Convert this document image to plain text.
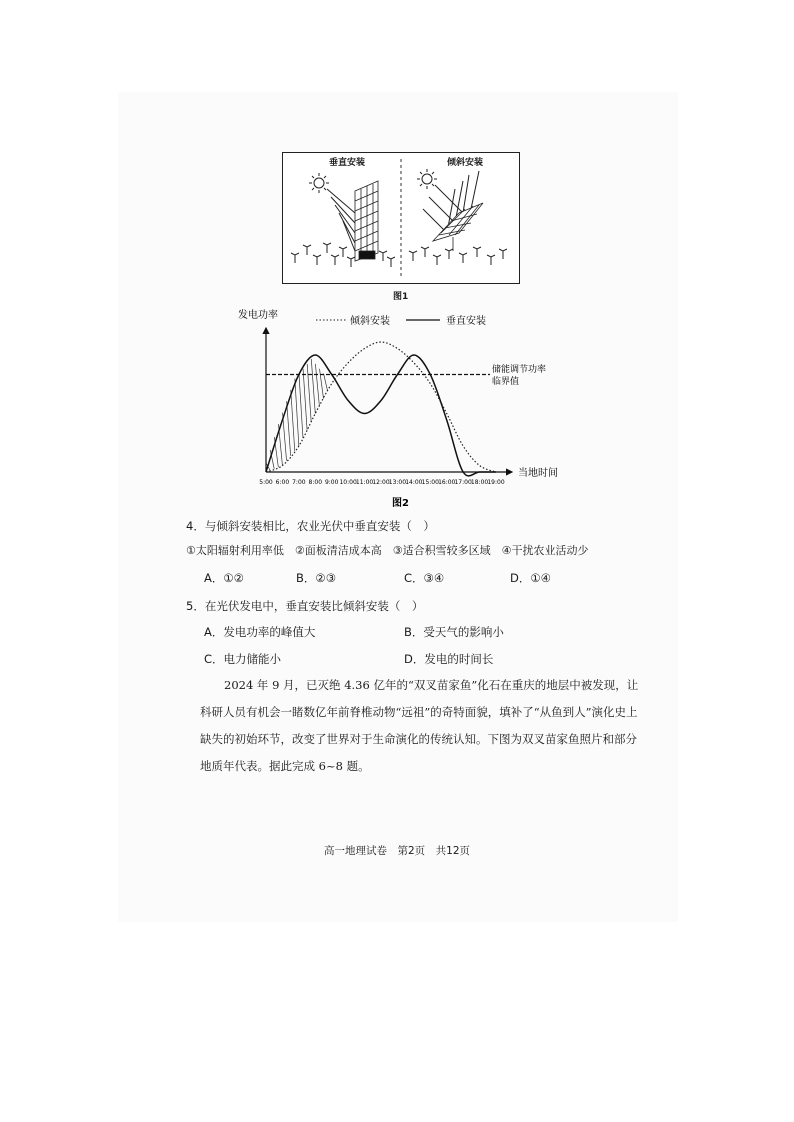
垂直安装	倾斜安装
图1
5:00 6:00 7:00 8:00 9:00 10:00 11:00 12:00 13:00 14:00 15:00 16:00 17:00 18:00 19:00
倾斜安装	垂直安装
发电功率
当地时间
储能调节功率
临界值
图2
4．与倾斜安装相比，农业光伏中垂直安装（　）
①太阳辐射利用率低　②面板清洁成本高　③适合积雪较多区域　④干扰农业活动少
A．①②	B．②③	C．③④	D．①④
5．在光伏发电中，垂直安装比倾斜安装（　）
A．发电功率的峰值大	B．受天气的影响小
C．电力储能小	D．发电的时间长
2024 年 9 月，已灭绝 4.36 亿年的“双叉苗家鱼”化石在重庆的地层中被发现，让
科研人员有机会一睹数亿年前脊椎动物“远祖”的奇特面貌，填补了“从鱼到人”演化史上
缺失的初始环节，改变了世界对于生命演化的传统认知。下图为双叉苗家鱼照片和部分
地质年代表。据此完成 6~8 题。
高一地理试卷　第2页　共12页
